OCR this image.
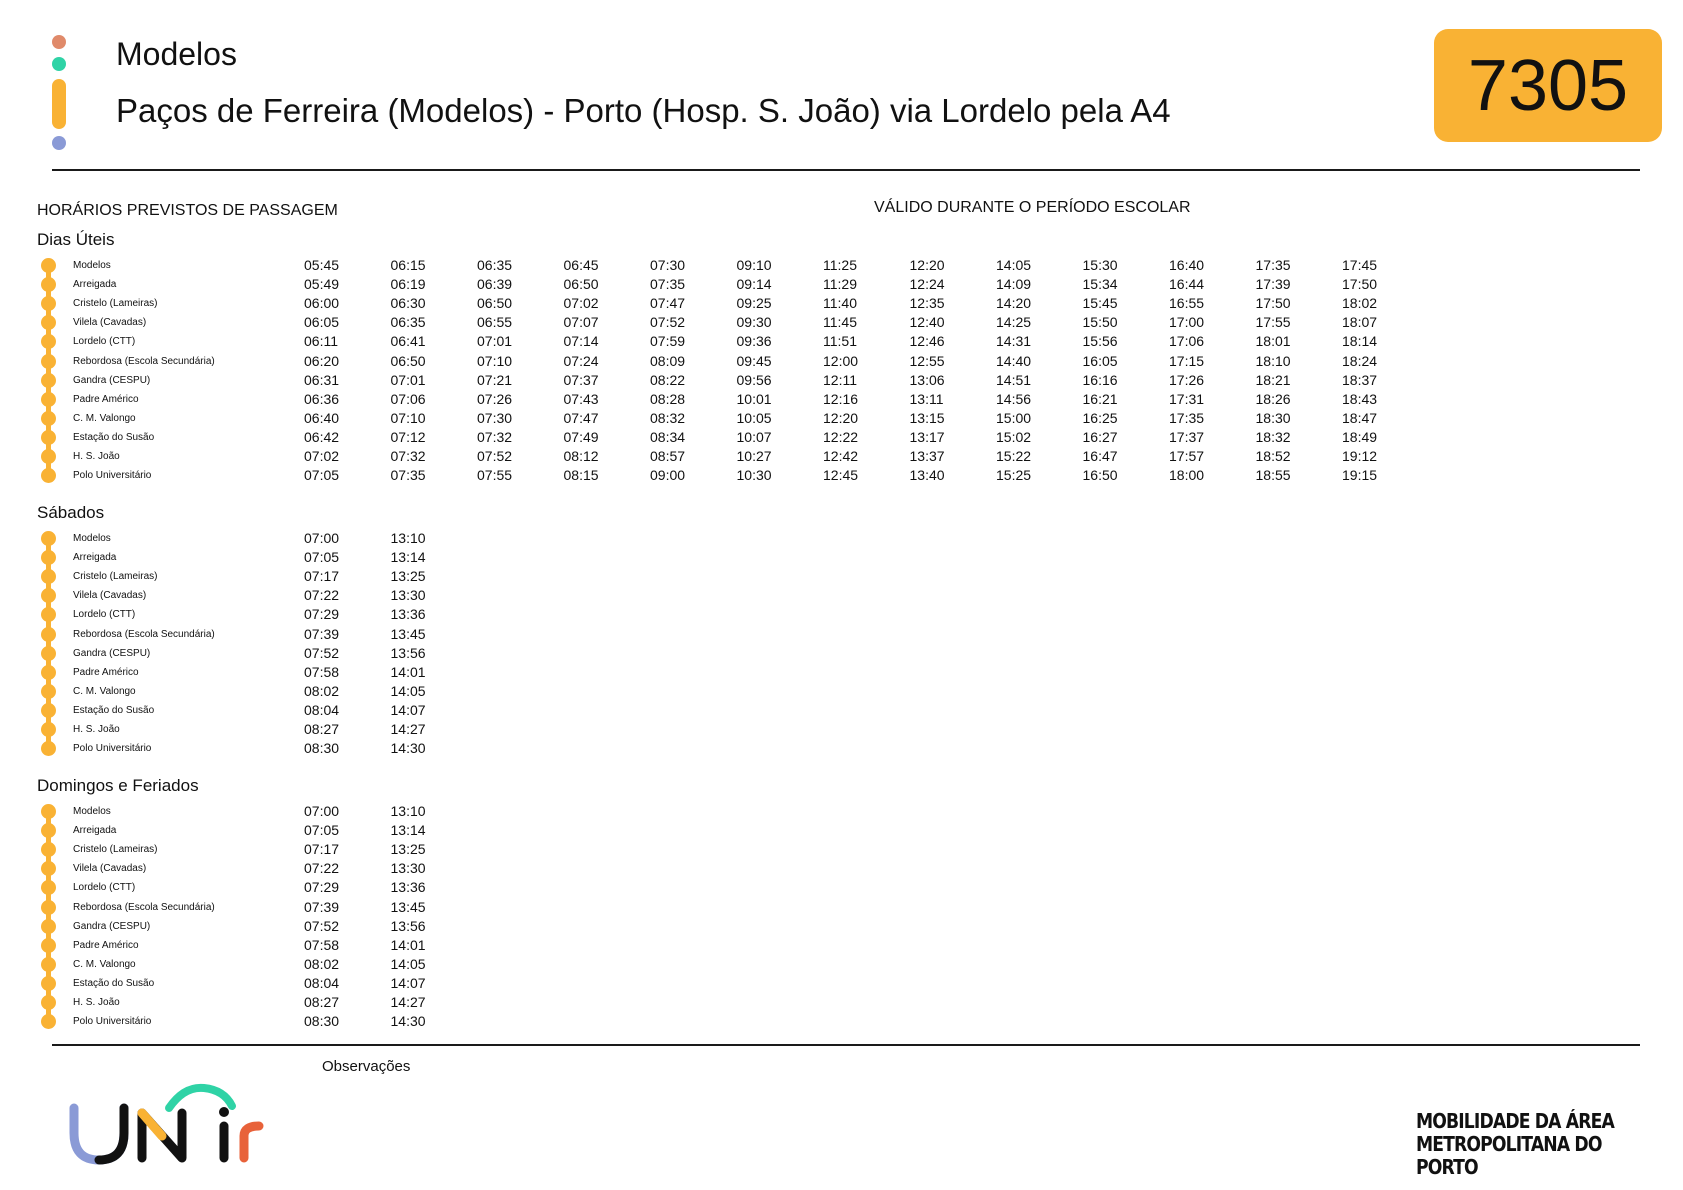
Modelos
Paços de Ferreira (Modelos) - Porto (Hosp. S. João) via Lordelo pela A4	7305
HORÁRIOS PREVISTOS DE PASSAGEM	VÁLIDO DURANTE O PERÍODO ESCOLAR
Dias Úteis
Modelos	05:45	06:15	06:35	06:45	07:30	09:10	11:25	12:20	14:05	15:30	16:40	17:35	17:45
Arreigada	05:49	06:19	06:39	06:50	07:35	09:14	11:29	12:24	14:09	15:34	16:44	17:39	17:50
Cristelo (Lameiras)	06:00	06:30	06:50	07:02	07:47	09:25	11:40	12:35	14:20	15:45	16:55	17:50	18:02
Vilela (Cavadas)	06:05	06:35	06:55	07:07	07:52	09:30	11:45	12:40	14:25	15:50	17:00	17:55	18:07
Lordelo (CTT)	06:11	06:41	07:01	07:14	07:59	09:36	11:51	12:46	14:31	15:56	17:06	18:01	18:14
Rebordosa (Escola Secundária)	06:20	06:50	07:10	07:24	08:09	09:45	12:00	12:55	14:40	16:05	17:15	18:10	18:24
Gandra (CESPU)	06:31	07:01	07:21	07:37	08:22	09:56	12:11	13:06	14:51	16:16	17:26	18:21	18:37
Padre Américo	06:36	07:06	07:26	07:43	08:28	10:01	12:16	13:11	14:56	16:21	17:31	18:26	18:43
C. M. Valongo	06:40	07:10	07:30	07:47	08:32	10:05	12:20	13:15	15:00	16:25	17:35	18:30	18:47
Estação do Susão	06:42	07:12	07:32	07:49	08:34	10:07	12:22	13:17	15:02	16:27	17:37	18:32	18:49
H. S. João	07:02	07:32	07:52	08:12	08:57	10:27	12:42	13:37	15:22	16:47	17:57	18:52	19:12
Polo Universitário	07:05	07:35	07:55	08:15	09:00	10:30	12:45	13:40	15:25	16:50	18:00	18:55	19:15
Sábados
Modelos	07:00	13:10
Arreigada	07:05	13:14
Cristelo (Lameiras)	07:17	13:25
Vilela (Cavadas)	07:22	13:30
Lordelo (CTT)	07:29	13:36
Rebordosa (Escola Secundária)	07:39	13:45
Gandra (CESPU)	07:52	13:56
Padre Américo	07:58	14:01
C. M. Valongo	08:02	14:05
Estação do Susão	08:04	14:07
H. S. João	08:27	14:27
Polo Universitário	08:30	14:30
Domingos e Feriados
Modelos	07:00	13:10
Arreigada	07:05	13:14
Cristelo (Lameiras)	07:17	13:25
Vilela (Cavadas)	07:22	13:30
Lordelo (CTT)	07:29	13:36
Rebordosa (Escola Secundária)	07:39	13:45
Gandra (CESPU)	07:52	13:56
Padre Américo	07:58	14:01
C. M. Valongo	08:02	14:05
Estação do Susão	08:04	14:07
H. S. João	08:27	14:27
Polo Universitário	08:30	14:30
Observações
MOBILIDADE DA ÁREA
METROPOLITANA DO PORTO
